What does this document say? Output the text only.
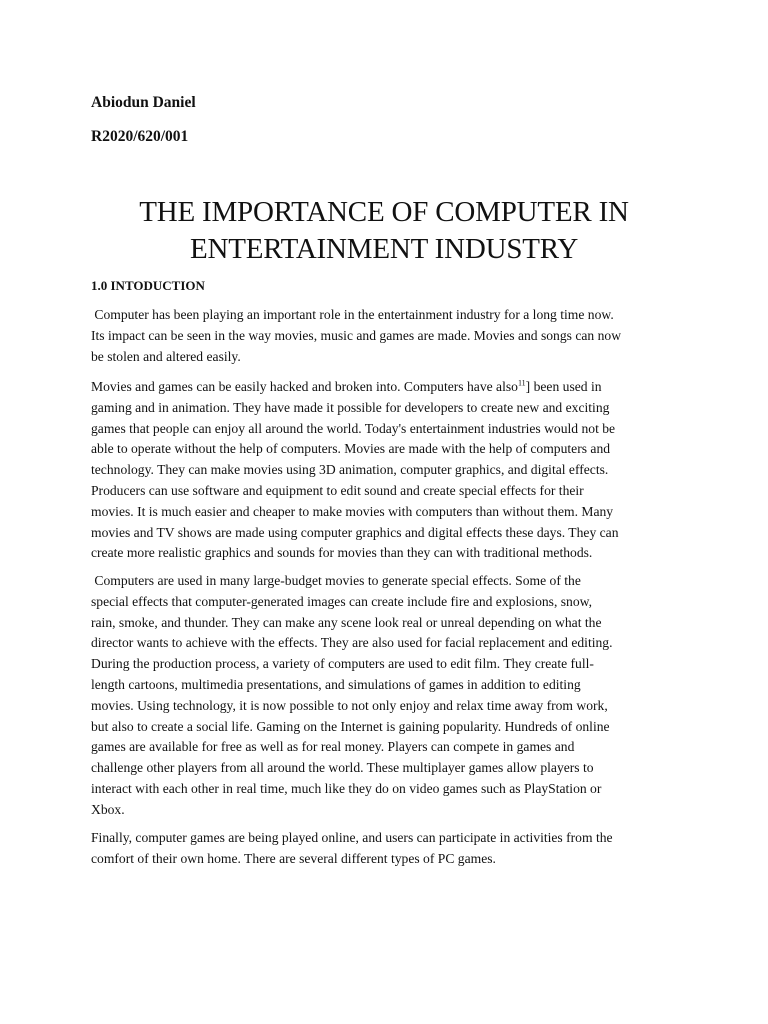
Abiodun Daniel

R2020/620/001

THE IMPORTANCE OF COMPUTER IN
ENTERTAINMENT INDUSTRY

1.0 INTODUCTION

Computer has been playing an important role in the entertainment industry for a long time now.
Its impact can be seen in the way movies, music and games are made. Movies and songs can now
be stolen and altered easily.

Movies and games can be easily hacked and broken into. Computers have also$^{11}$] been used in
gaming and in animation. They have made it possible for developers to create new and exciting
games that people can enjoy all around the world. Today's entertainment industries would not be
able to operate without the help of computers. Movies are made with the help of computers and
technology. They can make movies using 3D animation, computer graphics, and digital effects.
Producers can use software and equipment to edit sound and create special effects for their
movies. It is much easier and cheaper to make movies with computers than without them. Many
movies and TV shows are made using computer graphics and digital effects these days. They can
create more realistic graphics and sounds for movies than they can with traditional methods.

Computers are used in many large-budget movies to generate special effects. Some of the
special effects that computer-generated images can create include fire and explosions, snow,
rain, smoke, and thunder. They can make any scene look real or unreal depending on what the
director wants to achieve with the effects. They are also used for facial replacement and editing.
During the production process, a variety of computers are used to edit film. They create full-
length cartoons, multimedia presentations, and simulations of games in addition to editing
movies. Using technology, it is now possible to not only enjoy and relax time away from work,
but also to create a social life. Gaming on the Internet is gaining popularity. Hundreds of online
games are available for free as well as for real money. Players can compete in games and
challenge other players from all around the world. These multiplayer games allow players to
interact with each other in real time, much like they do on video games such as PlayStation or
Xbox.

Finally, computer games are being played online, and users can participate in activities from the
comfort of their own home. There are several different types of PC games.
